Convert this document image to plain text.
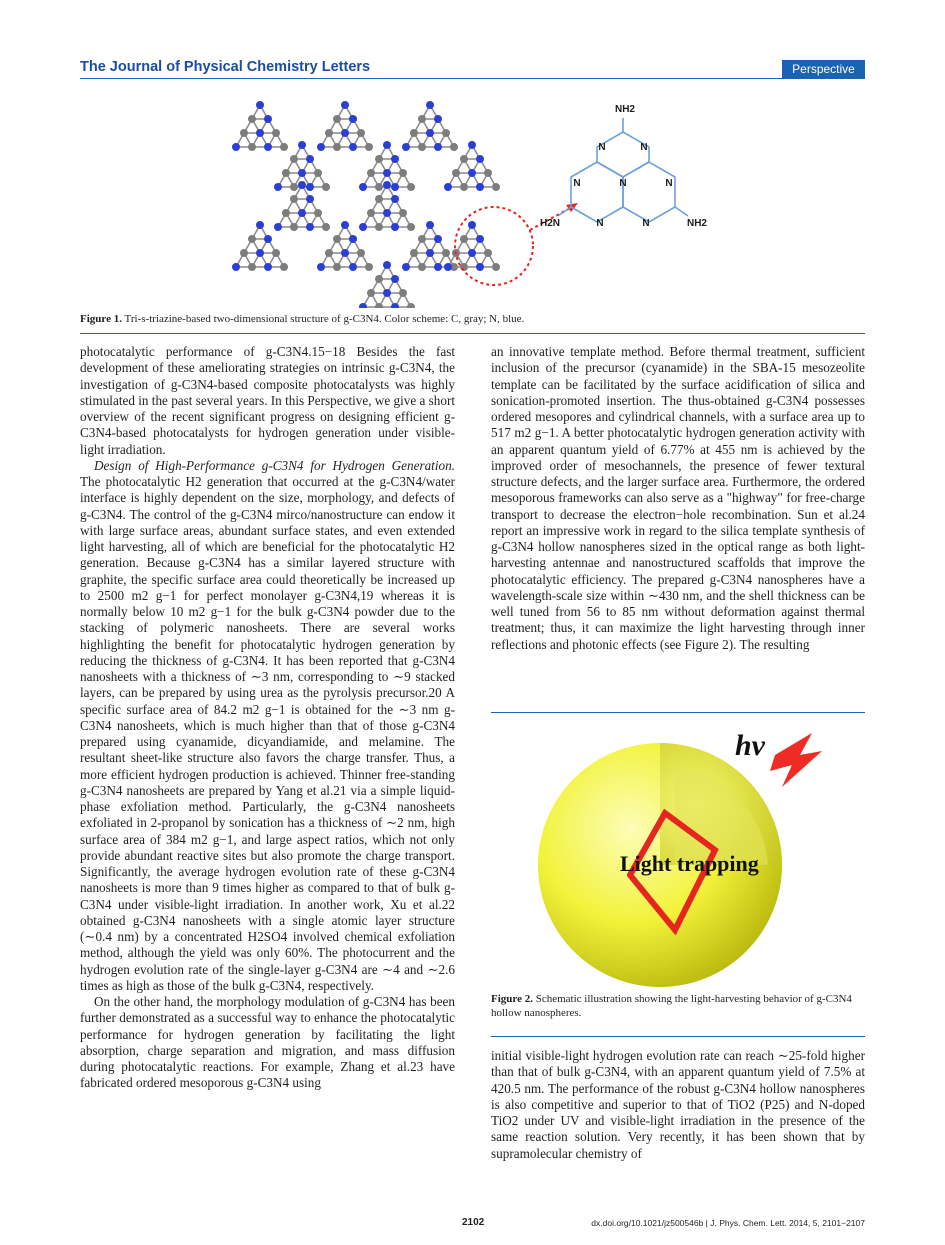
The Journal of Physical Chemistry Letters	Perspective
NH2
N	N
N	N	N
N	N
H2N	NH2
Figure 1. Tri-s-triazine-based two-dimensional structure of g-C3N4. Color scheme: C, gray; N, blue.

photocatalytic performance of g-C3N4.15−18 Besides the fast development of these ameliorating strategies on intrinsic g-C3N4, the investigation of g-C3N4-based composite photocatalysts was highly stimulated in the past several years. In this Perspective, we give a short overview of the recent significant progress on designing efficient g-C3N4-based photocatalysts for hydrogen generation under visible-light irradiation.

Design of High-Performance g-C3N4 for Hydrogen Generation. The photocatalytic H2 generation that occurred at the g-C3N4/water interface is highly dependent on the size, morphology, and defects of g-C3N4. The control of the g-C3N4 mirco/nanostructure can endow it with large surface areas, abundant surface states, and even extended light harvesting, all of which are beneficial for the photocatalytic H2 generation. Because g-C3N4 has a similar layered structure with graphite, the specific surface area could theoretically be increased up to 2500 m2 g−1 for perfect monolayer g-C3N4,19 whereas it is normally below 10 m2 g−1 for the bulk g-C3N4 powder due to the stacking of polymeric nanosheets. There are several works highlighting the benefit for photocatalytic hydrogen generation by reducing the thickness of g-C3N4. It has been reported that g-C3N4 nanosheets with a thickness of ∼3 nm, corresponding to ∼9 stacked layers, can be prepared by using urea as the pyrolysis precursor.20 A specific surface area of 84.2 m2 g−1 is obtained for the ∼3 nm g-C3N4 nanosheets, which is much higher than that of those g-C3N4 prepared using cyanamide, dicyandiamide, and melamine. The resultant sheet-like structure also favors the charge transfer. Thus, a more efficient hydrogen production is achieved. Thinner free-standing g-C3N4 nanosheets are prepared by Yang et al.21 via a simple liquid-phase exfoliation method. Particularly, the g-C3N4 nanosheets exfoliated in 2-propanol by sonication has a thickness of ∼2 nm, high surface area of 384 m2 g−1, and large aspect ratios, which not only provide abundant reactive sites but also promote the charge transport. Significantly, the average hydrogen evolution rate of these g-C3N4 nanosheets is more than 9 times higher as compared to that of bulk g-C3N4 under visible-light irradiation. In another work, Xu et al.22 obtained g-C3N4 nanosheets with a single atomic layer structure (∼0.4 nm) by a concentrated H2SO4 involved chemical exfoliation method, although the yield was only 60%. The photocurrent and the hydrogen evolution rate of the single-layer g-C3N4 are ∼4 and ∼2.6 times as high as those of the bulk g-C3N4, respectively.

On the other hand, the morphology modulation of g-C3N4 has been further demonstrated as a successful way to enhance the photocatalytic performance for hydrogen generation by facilitating the light absorption, charge separation and migration, and mass diffusion during photocatalytic reactions. For example, Zhang et al.23 have fabricated ordered mesoporous g-C3N4 using

an innovative template method. Before thermal treatment, sufficient inclusion of the precursor (cyanamide) in the SBA-15 mesozeolite template can be facilitated by the surface acidification of silica and sonication-promoted insertion. The thus-obtained g-C3N4 possesses ordered mesopores and cylindrical channels, with a surface area up to 517 m2 g−1. A better photocatalytic hydrogen generation activity with an apparent quantum yield of 6.77% at 455 nm is achieved by the improved order of mesochannels, the presence of fewer textural structure defects, and the larger surface area. Furthermore, the ordered mesoporous frameworks can also serve as a "highway" for free-charge transport to decrease the electron−hole recombination. Sun et al.24 report an impressive work in regard to the silica template synthesis of g-C3N4 hollow nanospheres sized in the optical range as both light-harvesting antennae and nanostructured scaffolds that improve the photocatalytic efficiency. The prepared g-C3N4 nanospheres have a wavelength-scale size within ∼430 nm, and the shell thickness can be well tuned from 56 to 85 nm without deformation against thermal treatment; thus, it can maximize the light harvesting through inner reflections and photonic effects (see Figure 2). The resulting

hv
Light trapping
Figure 2. Schematic illustration showing the light-harvesting behavior of g-C3N4 hollow nanospheres.

initial visible-light hydrogen evolution rate can reach ∼25-fold higher than that of bulk g-C3N4, with an apparent quantum yield of 7.5% at 420.5 nm. The performance of the robust g-C3N4 hollow nanospheres is also competitive and superior to that of TiO2 (P25) and N-doped TiO2 under UV and visible-light irradiation in the presence of the same reaction solution. Very recently, it has been shown that by supramolecular chemistry of

2102	dx.doi.org/10.1021/jz500546b | J. Phys. Chem. Lett. 2014, 5, 2101−2107
